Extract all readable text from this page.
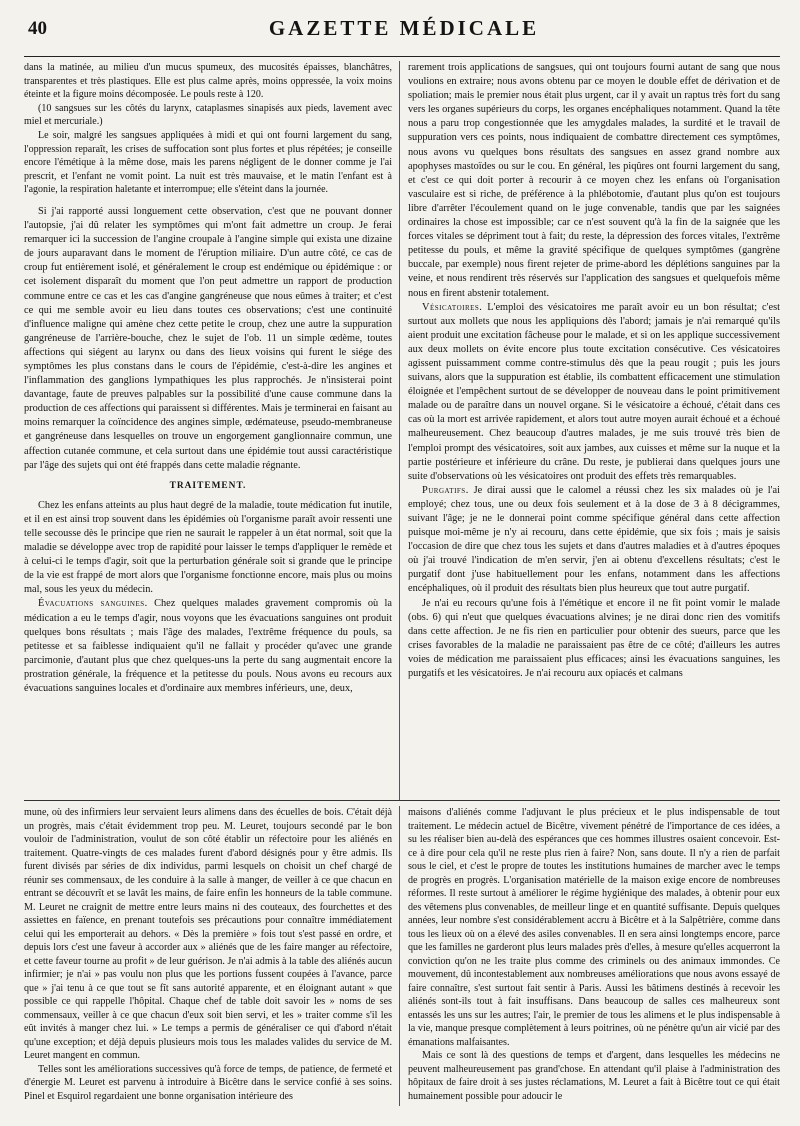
40	GAZETTE MÉDICALE

dans la matinée, au milieu d'un mucus spumeux, des mucosités épaisses, blanchâtres, transparentes et très plastiques. Elle est plus calme après, moins oppressée, la voix moins éteinte et la figure moins décomposée. Le pouls reste à 120.

(10 sangsues sur les côtés du larynx, cataplasmes sinapisés aux pieds, lavement avec miel et mercuriale.)

Le soir, malgré les sangsues appliquées à midi et qui ont fourni largement du sang, l'oppression reparaît, les crises de suffocation sont plus fortes et plus répétées; je conseille encore l'émétique à la même dose, mais les parens négligent de le donner comme je l'ai prescrit, et l'enfant ne vomit point. La nuit est très mauvaise, et le matin l'enfant est à l'agonie, la respiration haletante et interrompue; elle s'éteint dans la journée.

Si j'ai rapporté aussi longuement cette observation, c'est que ne pouvant donner l'autopsie, j'ai dû relater les symptômes qui m'ont fait admettre un croup. Je ferai remarquer ici la succession de l'angine croupale à l'angine simple qui exista une dizaine de jours auparavant dans le moment de l'éruption miliaire. D'un autre côté, ce cas de croup fut entièrement isolé, et généralement le croup est endémique ou épidémique : or cet isolement disparaît du moment que l'on peut admettre un rapport de production commune entre ce cas et les cas d'angine gangréneuse que nous eûmes à traiter; et c'est ce qui me semble avoir eu lieu dans toutes ces observations; c'est une continuité d'influence maligne qui amène chez cette petite le croup, chez une autre la suppuration gangréneuse de l'arrière-bouche, chez le sujet de l'ob. 11 un simple œdème, toutes affections qui siégent au larynx ou dans des lieux voisins qui furent le siége des symptômes les plus constans dans le cours de l'épidémie, c'est-à-dire les angines et l'inflammation des ganglions lympathiques les plus rapprochés. Je n'insisterai point davantage, faute de preuves palpables sur la possibilité d'une cause commune dans la production de ces affections qui paraissent si différentes. Mais je terminerai en faisant au moins remarquer la coïncidence des angines simple, œdémateuse, pseudo-membraneuse et gangréneuse dans lesquelles on trouve un engorgement ganglionnaire commun, une affection cutanée commune, et cela surtout dans une épidémie tout aussi caractéristique par l'âge des sujets qui ont été frappés dans cette maladie régnante.

TRAITEMENT.

Chez les enfans atteints au plus haut degré de la maladie, toute médication fut inutile, et il en est ainsi trop souvent dans les épidémies où l'organisme paraît avoir ressenti une telle secousse dès le principe que rien ne saurait le rappeler à un état normal, soit que la maladie se développe avec trop de rapidité pour laisser le temps d'appliquer le remède et à celui-ci le temps d'agir, soit que la perturbation générale soit si grande que le principe de la vie est frappé de mort alors que l'organisme fonctionne encore, mais plus ou moins mal, sous les yeux du médecin.

Évacuations sanguines. Chez quelques malades gravement compromis où la médication a eu le temps d'agir, nous voyons que les évacuations sanguines ont produit quelques bons résultats ; mais l'âge des malades, l'extrême fréquence du pouls, sa petitesse et sa faiblesse indiquaient qu'il ne fallait y procéder qu'avec une grande parcimonie, d'autant plus que chez quelques-uns la perte du sang augmentait encore la prostration générale, la fréquence et la petitesse du pouls. Nous avons eu recours aux évacuations sanguines locales et d'ordinaire aux membres inférieurs, une, deux,

rarement trois applications de sangsues, qui ont toujours fourni autant de sang que nous voulions en extraire; nous avons obtenu par ce moyen le double effet de dérivation et de spoliation; mais le premier nous était plus urgent, car il y avait un raptus très fort du sang vers les organes supérieurs du corps, les organes encéphaliques notamment. Quand la tête nous a paru trop congestionnée que les amygdales malades, la surdité et le travail de suppuration vers ces points, nous indiquaient de combattre directement ces symptômes, nous avons vu quelques bons résultats des sangsues en assez grand nombre aux apophyses mastoïdes ou sur le cou. En général, les piqûres ont fourni largement du sang, et c'est ce qui doit porter à recourir à ce moyen chez les enfans où l'organisation vasculaire est si riche, de préférence à la phlébotomie, d'autant plus qu'on est toujours libre d'arrêter l'écoulement quand on le juge convenable, tandis que par les saignées ordinaires la chose est impossible; car ce n'est souvent qu'à la fin de la saignée que les forces vitales se dépriment tout à fait; du reste, la dépression des forces vitales, l'extrême petitesse du pouls, et même la gravité spécifique de quelques symptômes (gangrène buccale, par exemple) nous firent rejeter de prime-abord les déplétions sanguines par la veine, et nous rendirent très réservés sur l'application des sangsues et quelquefois même nous en firent abstenir totalement.

Vésicatoires. L'emploi des vésicatoires me paraît avoir eu un bon résultat; c'est surtout aux mollets que nous les appliquions dès l'abord; jamais je n'ai remarqué qu'ils aient produit une excitation fâcheuse pour le malade, et si on les applique successivement aux deux mollets on évite encore plus toute excitation consécutive. Ces vésicatoires agissent puissamment comme contre-stimulus dès que la peau rougit ; puis les jours suivans, alors que la suppuration est établie, ils combattent efficacement une stimulation éloignée et l'empêchent surtout de se développer de nouveau dans le point primitivement malade ou de paraître dans un nouvel organe. Si le vésicatoire a échoué, c'était dans ces cas où la mort est arrivée rapidement, et alors tout autre moyen aurait échoué et a échoué malheureusement. Chez beaucoup d'autres malades, je me suis trouvé très bien de l'emploi prompt des vésicatoires, soit aux jambes, aux cuisses et même sur la nuque et la partie postérieure et inférieure du crâne. Du reste, je publierai dans quelques jours une suite d'observations où les vésicatoires ont produit des effets très remarquables.

Purgatifs. Je dirai aussi que le calomel a réussi chez les six malades où je l'ai employé; chez tous, une ou deux fois seulement et à la dose de 3 à 8 décigrammes, suivant l'âge; je ne le donnerai point comme spécifique général dans cette affection puisque moi-même je n'y ai recouru, dans cette épidémie, que six fois ; mais je saisis l'occasion de dire que chez tous les sujets et dans d'autres maladies et à d'autres époques où j'ai trouvé l'indication de m'en servir, j'en ai obtenu d'excellens résultats; c'est le purgatif dont j'use habituellement pour les enfans, notamment dans les affections encéphaliques, où il produit des résultats bien plus heureux que tout autre purgatif.

Je n'ai eu recours qu'une fois à l'émétique et encore il ne fit point vomir le malade (obs. 6) qui n'eut que quelques évacuations alvines; je ne dirai donc rien des vomitifs dans cette affection. Je ne fis rien en particulier pour obtenir des sueurs, parce que les crises favorables de la maladie ne paraissaient pas être de ce côté; d'ailleurs les autres voies de médication me paraissaient plus efficaces; ainsi les évacuations sanguines, les purgatifs et les vésicatoires. Je n'ai recouru aux opiacés et calmans

mune, où des infirmiers leur servaient leurs alimens dans des écuelles de bois. C'était déjà un progrès, mais c'était évidemment trop peu. M. Leuret, toujours secondé par le bon vouloir de l'administration, voulut de son côté établir un réfectoire pour les aliénés en traitement. Quatre-vingts de ces malades furent d'abord désignés pour y être admis. Ils furent divisés par séries de dix individus, parmi lesquels on choisit un chef chargé de réunir ses commensaux, de les conduire à la salle à manger, de veiller à ce que chacun en entrant se découvrît et se lavât les mains, de faire enfin les honneurs de la table commune. M. Leuret ne craignit de mettre entre leurs mains ni des couteaux, des fourchettes et des assiettes en faïence, en prenant toutefois ses précautions pour connaître immédiatement celui qui les emporterait au dehors. « Dès la première » fois tout s'est passé en ordre, et depuis lors c'est une faveur à accorder aux » aliénés que de les faire manger au réfectoire, et cette faveur tourne au profit » de leur guérison. Je n'ai admis à la table des aliénés aucun infirmier; je n'ai » pas voulu non plus que les portions fussent coupées à l'avance, parce que » j'ai tenu à ce que tout se fît sans autorité apparente, et en éloignant autant » que possible ce qui rappelle l'hôpital. Chaque chef de table doit savoir les » noms de ses commensaux, veiller à ce que chacun d'eux soit bien servi, et les » traiter comme s'il les eût invités à manger chez lui. » Le temps a permis de généraliser ce qui d'abord n'était qu'une exception; et déjà depuis plusieurs mois tous les malades valides du service de M. Leuret mangent en commun.

Telles sont les améliorations successives qu'à force de temps, de patience, de fermeté et d'énergie M. Leuret est parvenu à introduire à Bicêtre dans le service confié à ses soins. Pinel et Esquirol regardaient une bonne organisation intérieure des

maisons d'aliénés comme l'adjuvant le plus précieux et le plus indispensable de tout traitement. Le médecin actuel de Bicêtre, vivement pénétré de l'importance de ces idées, a su les réaliser bien au-delà des espérances que ces hommes illustres osaient concevoir. Est-ce à dire pour cela qu'il ne reste plus rien à faire? Non, sans doute. Il n'y a rien de parfait sous le ciel, et c'est le propre de toutes les institutions humaines de marcher avec le temps de progrès en progrès. L'organisation matérielle de la maison exige encore de nombreuses réformes. Il reste surtout à améliorer le régime hygiénique des malades, à obtenir pour eux des vêtemens plus convenables, de meilleur linge et en quantité suffisante. Depuis quelques années, leur nombre s'est considérablement accru à Bicêtre et à la Salpêtrière, comme dans tous les lieux où on a élevé des asiles convenables. Il en sera ainsi longtemps encore, parce que les familles ne garderont plus leurs malades près d'elles, à mesure qu'elles acquerront la conviction qu'on ne les traite plus comme des criminels ou des animaux immondes. Ce mouvement, dû incontestablement aux nombreuses améliorations que nous avons essayé de faire connaître, s'est surtout fait sentir à Paris. Aussi les bâtimens destinés à recevoir les aliénés sont-ils tout à fait insuffisans. Dans beaucoup de salles ces malheureux sont entassés les uns sur les autres; l'air, le premier de tous les alimens et le plus indispensable à la vie, manque presque complètement à leurs poitrines, où ne pénètre qu'un air vicié par des émanations malfaisantes.

Mais ce sont là des questions de temps et d'argent, dans lesquelles les médecins ne peuvent malheureusement pas grand'chose. En attendant qu'il plaise à l'administration des hôpitaux de faire droit à ses justes réclamations, M. Leuret a fait à Bicêtre tout ce qui était humainement possible pour adoucir le
